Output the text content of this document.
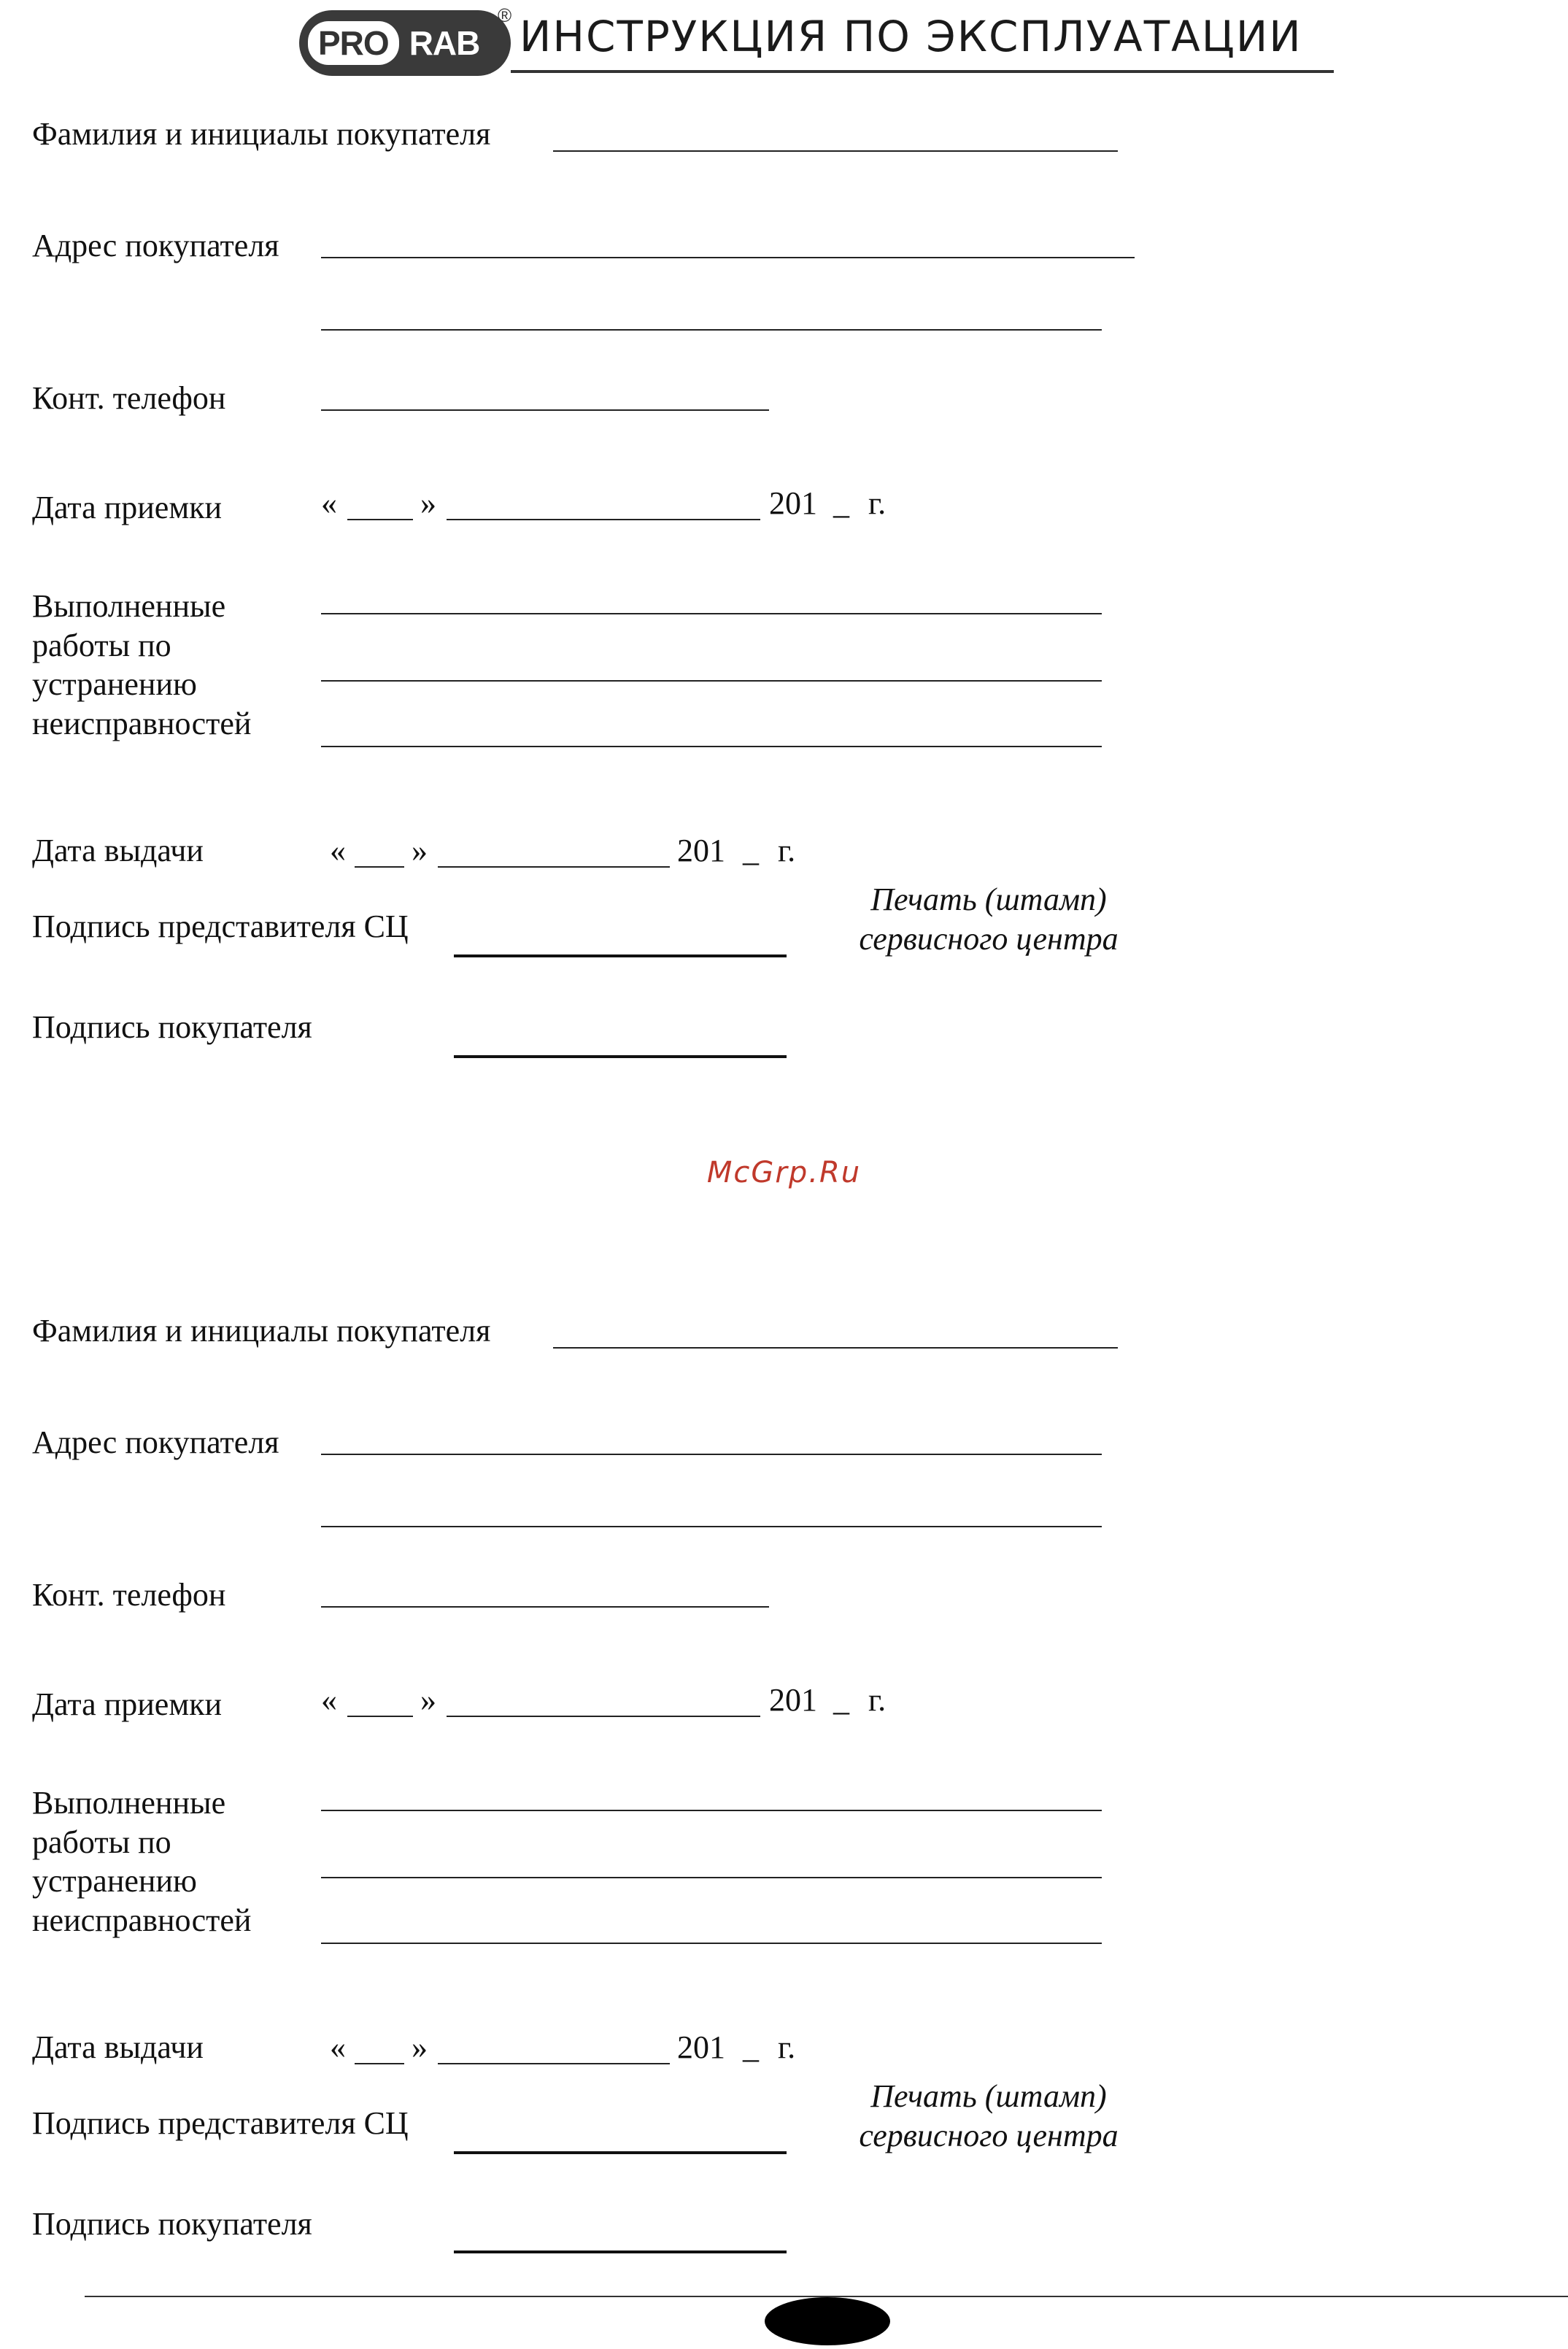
PRO RAB
® ИНСТРУКЦИЯ ПО ЭКСПЛУАТАЦИИ
Фамилия и инициалы покупателя
Адрес покупателя
Конт. телефон
Дата приемки	«	»	201 _ г.
Выполненные
работы по
устранению
неисправностей
Дата выдачи	« »	201 _ г.
Подпись представителя СЦ
Печать (штамп)
сервисного центра
Подпись покупателя
McGrp.Ru
Фамилия и инициалы покупателя
Адрес покупателя
Конт. телефон
Дата приемки	«	»	201 _ г.
Выполненные
работы по
устранению
неисправностей
Дата выдачи	« »	201 _ г.
Подпись представителя СЦ
Печать (штамп)
сервисного центра
Подпись покупателя
